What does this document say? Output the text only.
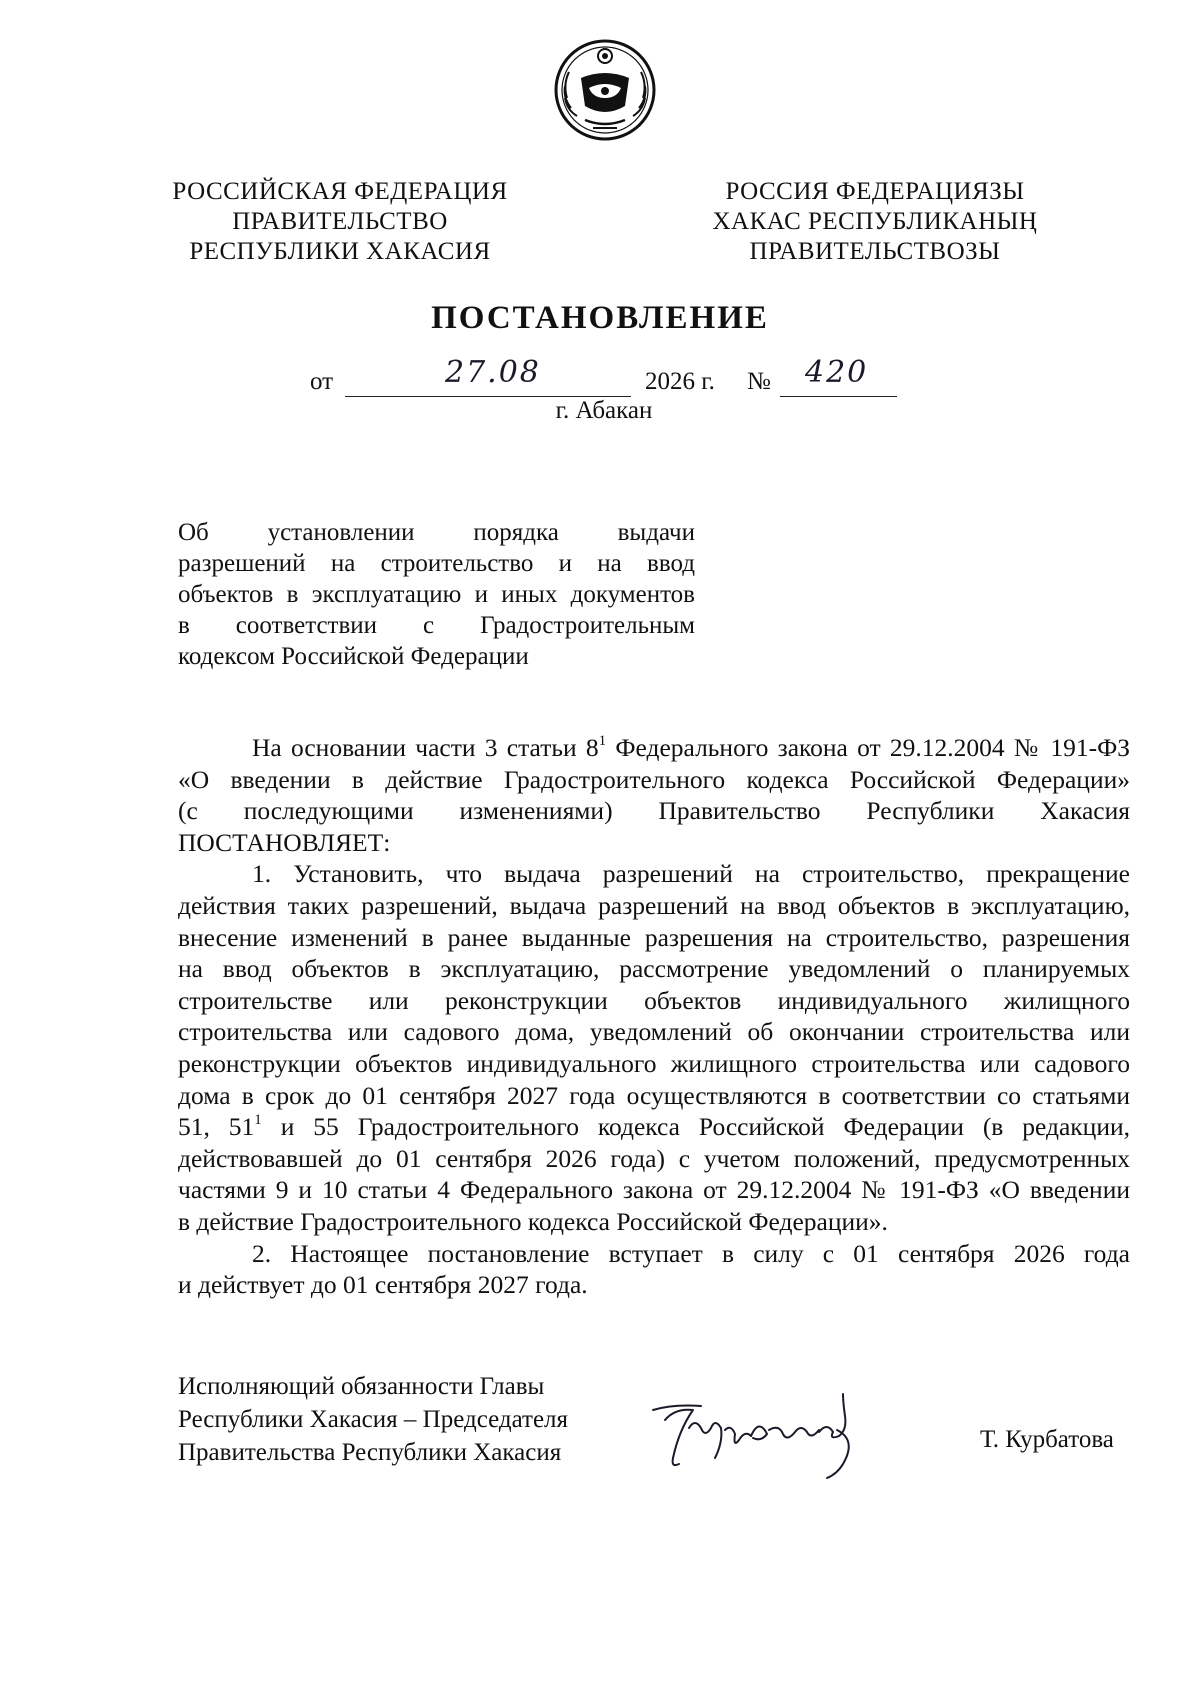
РОССИЙСКАЯ ФЕДЕРАЦИЯ
ПРАВИТЕЛЬСТВО
РЕСПУБЛИКИ ХАКАСИЯ
РОССИЯ ФЕДЕРАЦИЯЗЫ
ХАКАС РЕСПУБЛИКАНЫҢ
ПРАВИТЕЛЬСТВОЗЫ
ПОСТАНОВЛЕНИЕ
от	27.08	2026 г. № 420
г. Абакан
Об установлении порядка выдачи
разрешений на строительство и на ввод
объектов в эксплуатацию и иных документов
в соответствии с Градостроительным
кодексом Российской Федерации
На основании части 3 статьи $8^1$ Федерального закона от 29.12.2004 № 191-ФЗ
«О введении в действие Градостроительного кодекса Российской Федерации»
(с последующими изменениями) Правительство Республики Хакасия
ПОСТАНОВЛЯЕТ:
1. Установить, что выдача разрешений на строительство, прекращение
действия таких разрешений, выдача разрешений на ввод объектов в эксплуатацию,
внесение изменений в ранее выданные разрешения на строительство, разрешения
на ввод объектов в эксплуатацию, рассмотрение уведомлений о планируемых
строительстве или реконструкции объектов индивидуального жилищного
строительства или садового дома, уведомлений об окончании строительства или
реконструкции объектов индивидуального жилищного строительства или садового
дома в срок до 01 сентября 2027 года осуществляются в соответствии со статьями
51, $51^1$ и 55 Градостроительного кодекса Российской Федерации (в редакции,
действовавшей до 01 сентября 2026 года) с учетом положений, предусмотренных
частями 9 и 10 статьи 4 Федерального закона от 29.12.2004 № 191-ФЗ «О введении
в действие Градостроительного кодекса Российской Федерации».
2. Настоящее постановление вступает в силу с 01 сентября 2026 года
и действует до 01 сентября 2027 года.
Исполняющий обязанности Главы
Республики Хакасия – Председателя
Правительства Республики Хакасия	Т. Курбатова
